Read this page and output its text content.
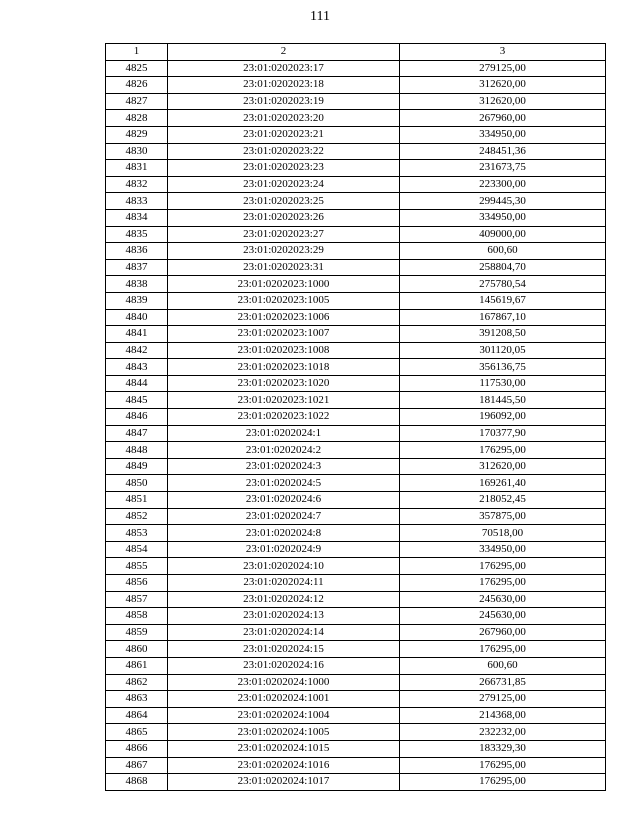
111
1	2	3
4825	23:01:0202023:17	279125,00
4826	23:01:0202023:18	312620,00
4827	23:01:0202023:19	312620,00
4828	23:01:0202023:20	267960,00
4829	23:01:0202023:21	334950,00
4830	23:01:0202023:22	248451,36
4831	23:01:0202023:23	231673,75
4832	23:01:0202023:24	223300,00
4833	23:01:0202023:25	299445,30
4834	23:01:0202023:26	334950,00
4835	23:01:0202023:27	409000,00
4836	23:01:0202023:29	600,60
4837	23:01:0202023:31	258804,70
4838	23:01:0202023:1000	275780,54
4839	23:01:0202023:1005	145619,67
4840	23:01:0202023:1006	167867,10
4841	23:01:0202023:1007	391208,50
4842	23:01:0202023:1008	301120,05
4843	23:01:0202023:1018	356136,75
4844	23:01:0202023:1020	117530,00
4845	23:01:0202023:1021	181445,50
4846	23:01:0202023:1022	196092,00
4847	23:01:0202024:1	170377,90
4848	23:01:0202024:2	176295,00
4849	23:01:0202024:3	312620,00
4850	23:01:0202024:5	169261,40
4851	23:01:0202024:6	218052,45
4852	23:01:0202024:7	357875,00
4853	23:01:0202024:8	70518,00
4854	23:01:0202024:9	334950,00
4855	23:01:0202024:10	176295,00
4856	23:01:0202024:11	176295,00
4857	23:01:0202024:12	245630,00
4858	23:01:0202024:13	245630,00
4859	23:01:0202024:14	267960,00
4860	23:01:0202024:15	176295,00
4861	23:01:0202024:16	600,60
4862	23:01:0202024:1000	266731,85
4863	23:01:0202024:1001	279125,00
4864	23:01:0202024:1004	214368,00
4865	23:01:0202024:1005	232232,00
4866	23:01:0202024:1015	183329,30
4867	23:01:0202024:1016	176295,00
4868	23:01:0202024:1017	176295,00
